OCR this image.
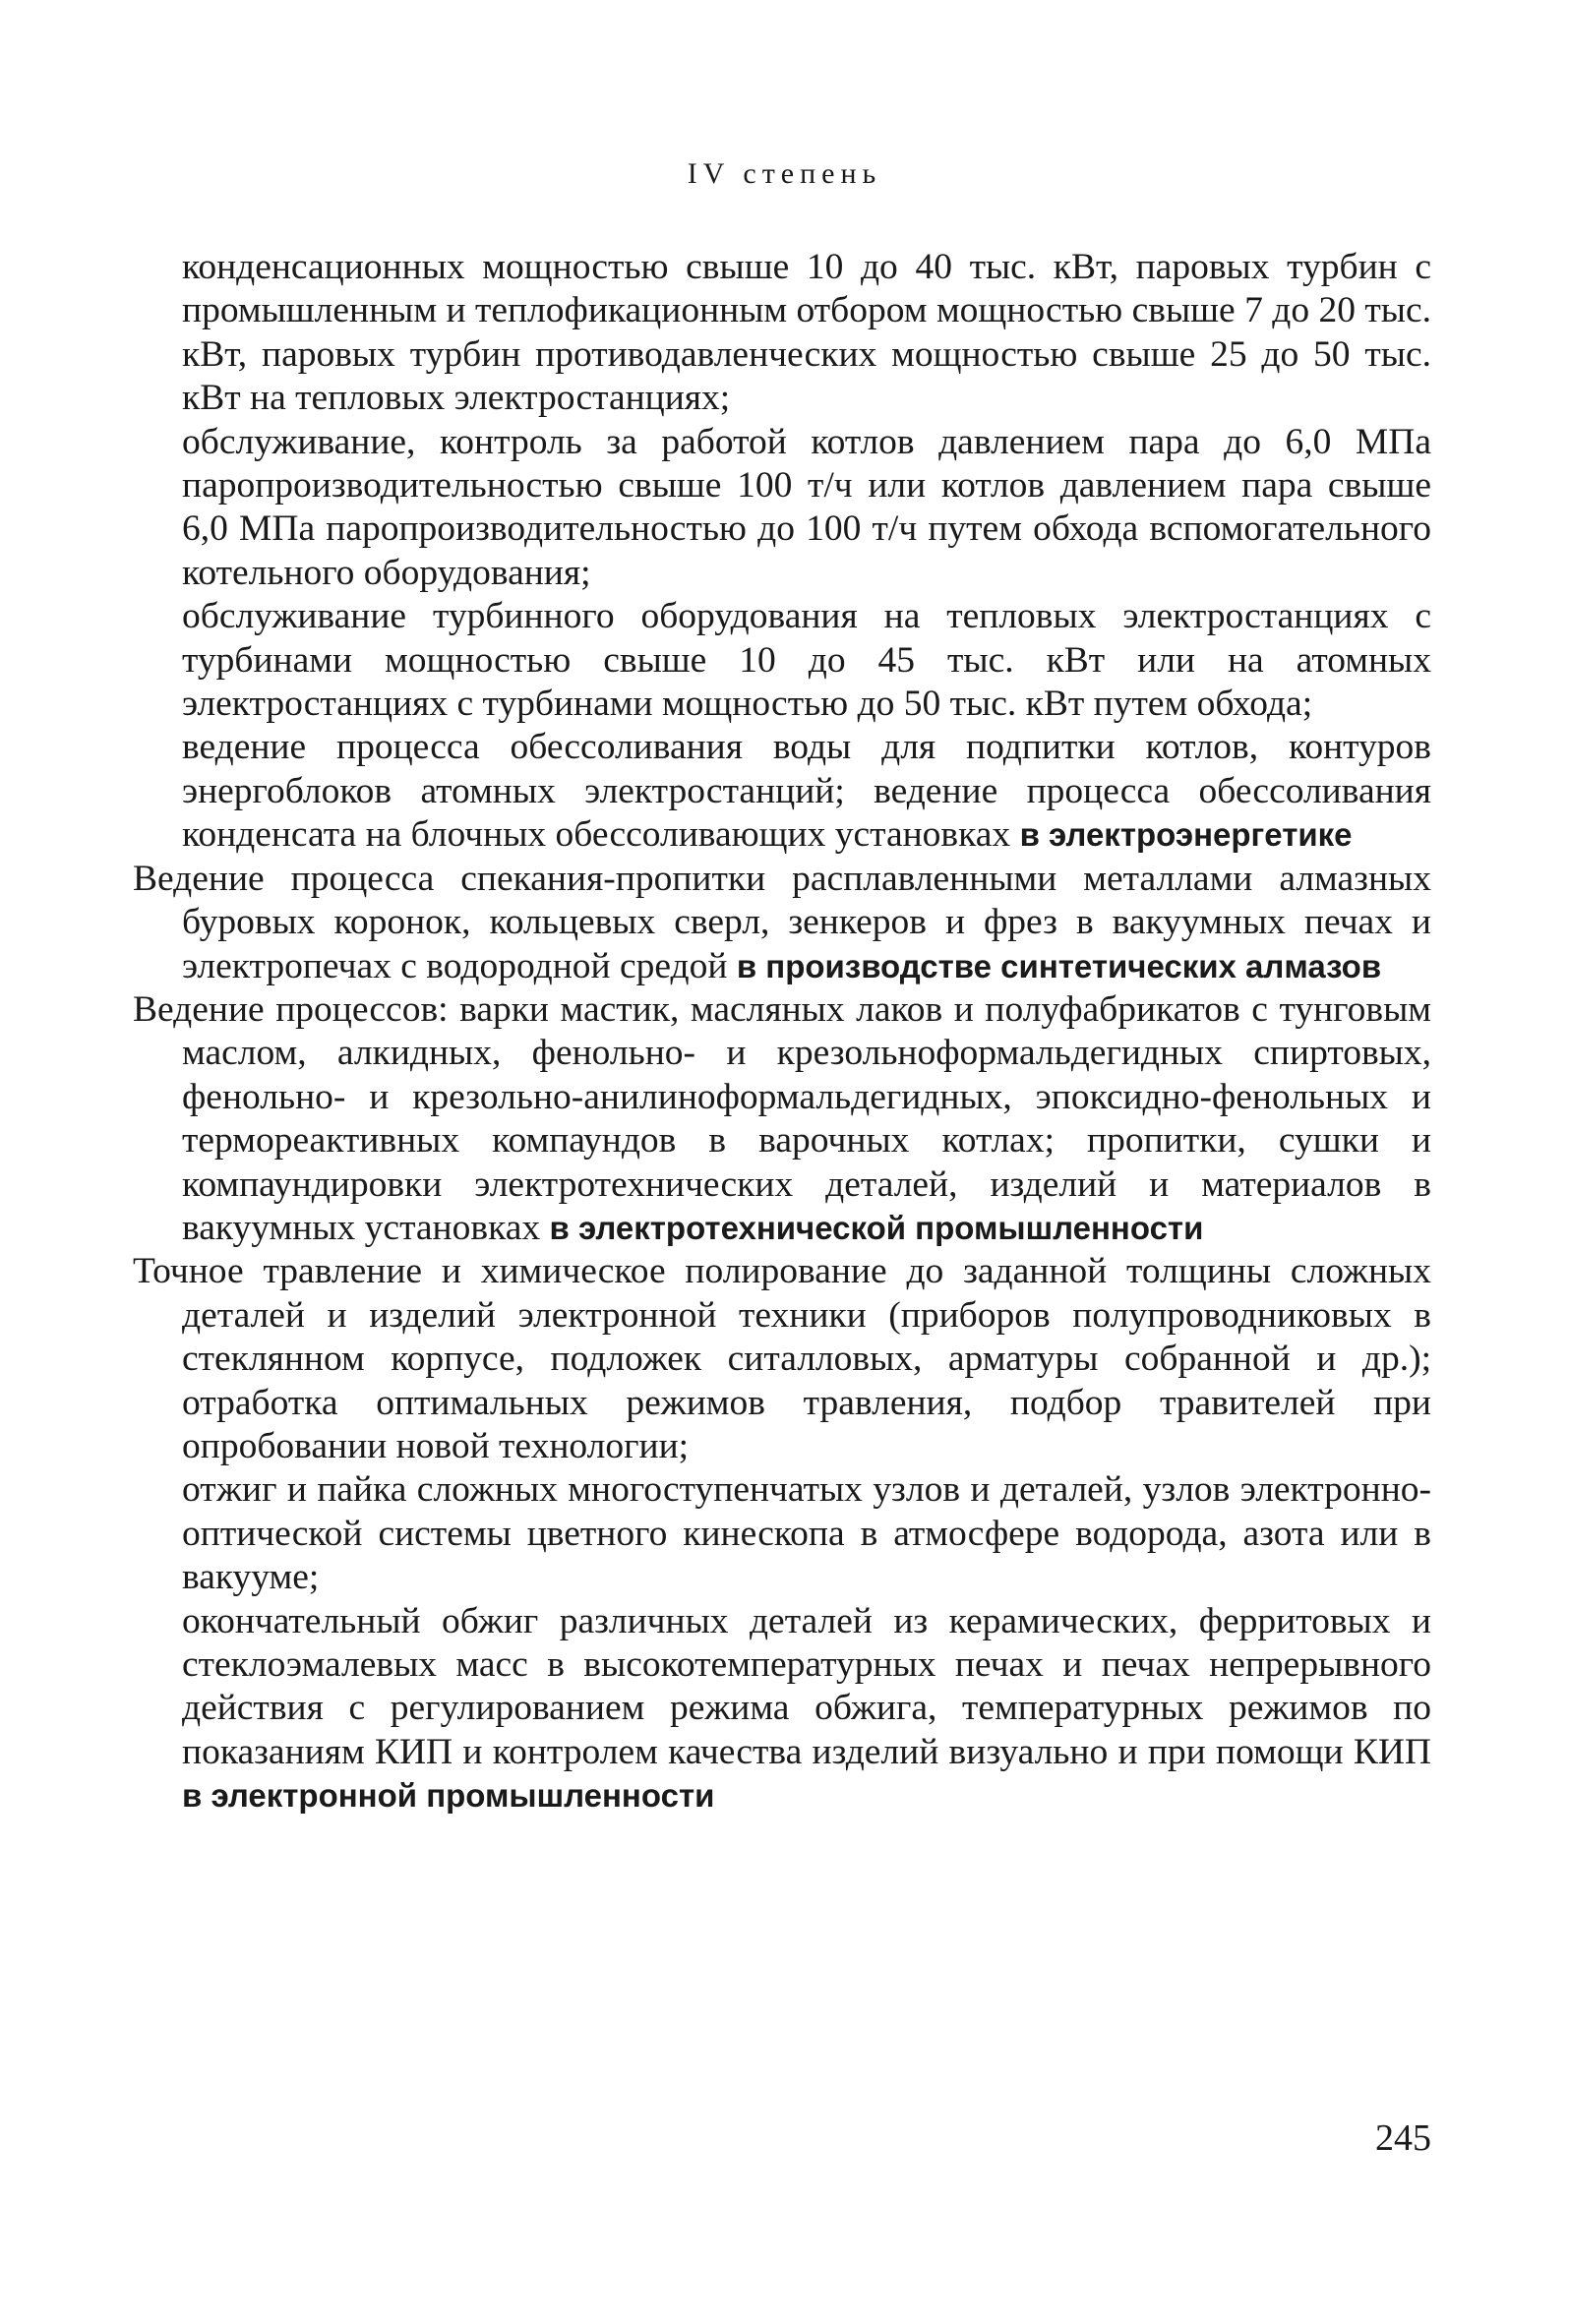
IV степень

конденсационных мощностью свыше 10 до 40 тыс. кВт, паровых турбин с промышленным и теплофикационным отбором мощностью свыше 7 до 20 тыс. кВт, паровых турбин противодавленческих мощностью свыше 25 до 50 тыс. кВт на тепловых электростанциях;

обслуживание, контроль за работой котлов давлением пара до 6,0 МПа паропроизводительностью свыше 100 т/ч или котлов давлением пара свыше 6,0 МПа паропроизводительностью до 100 т/ч путем обхода вспомогательного котельного оборудования;

обслуживание турбинного оборудования на тепловых электростанциях с турбинами мощностью свыше 10 до 45 тыс. кВт или на атомных электростанциях с турбинами мощностью до 50 тыс. кВт путем обхода;

ведение процесса обессоливания воды для подпитки котлов, контуров энергоблоков атомных электростанций; ведение процесса обессоливания конденсата на блочных обессоливающих установках в электроэнергетике

Ведение процесса спекания-пропитки расплавленными металлами алмазных буровых коронок, кольцевых сверл, зенкеров и фрез в вакуумных печах и электропечах с водородной средой в производстве синтетических алмазов

Ведение процессов: варки мастик, масляных лаков и полуфабрикатов с тунговым маслом, алкидных, фенольно- и крезольноформальдегидных спиртовых, фенольно- и крезольно-анилиноформальдегидных, эпоксидно-фенольных и термореактивных компаундов в варочных котлах; пропитки, сушки и компаундировки электротехнических деталей, изделий и материалов в вакуумных установках в электротехнической промышленности

Точное травление и химическое полирование до заданной толщины сложных деталей и изделий электронной техники (приборов полупроводниковых в стеклянном корпусе, подложек ситалловых, арматуры собранной и др.); отработка оптимальных режимов травления, подбор травителей при опробовании новой технологии;

отжиг и пайка сложных многоступенчатых узлов и деталей, узлов электронно-оптической системы цветного кинескопа в атмосфере водорода, азота или в вакууме;

окончательный обжиг различных деталей из керамических, ферритовых и стеклоэмалевых масс в высокотемпературных печах и печах непрерывного действия с регулированием режима обжига, температурных режимов по показаниям КИП и контролем качества изделий визуально и при помощи КИП в электронной промышленности

245
